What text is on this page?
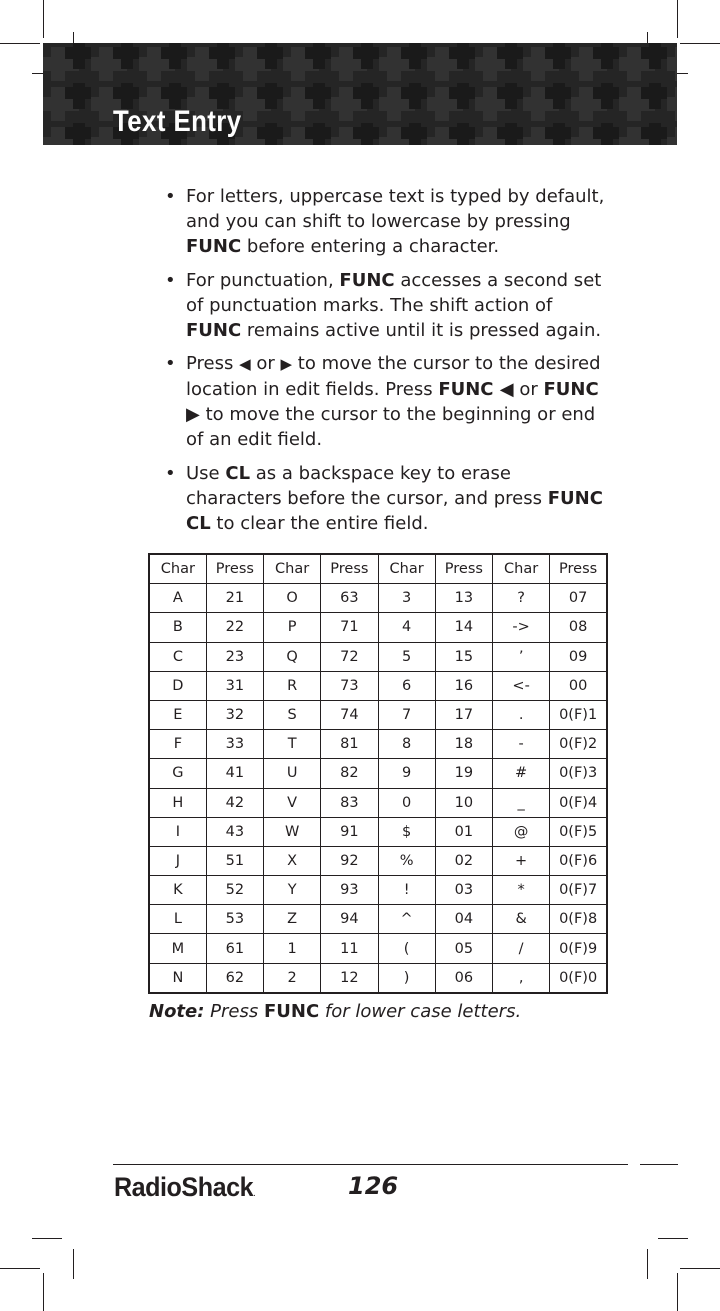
Text Entry
• For letters, uppercase text is typed by default, and you can shift to lowercase by pressing FUNC before entering a character.
• For punctuation, FUNC accesses a second set of punctuation marks. The shift action of FUNC remains active until it is pressed again.
• Press ◀ or ▶ to move the cursor to the desired location in edit fields. Press FUNC ◀ or FUNC ▶ to move the cursor to the beginning or end of an edit field.
• Use CL as a backspace key to erase characters before the cursor, and press FUNC CL to clear the entire field.
Char	Press	Char	Press	Char	Press	Char	Press
A	21	O	63	3	13	?	07
B	22	P	71	4	14	->	08
C	23	Q	72	5	15	’	09
D	31	R	73	6	16	<-	00
E	32	S	74	7	17	.	0(F)1
F	33	T	81	8	18	-	0(F)2
G	41	U	82	9	19	#	0(F)3
H	42	V	83	0	10	_	0(F)4
I	43	W	91	$	01	@	0(F)5
J	51	X	92	%	02	+	0(F)6
K	52	Y	93	!	03	*	0(F)7
L	53	Z	94	^	04	&	0(F)8
M	61	1	11	(	05	/	0(F)9
N	62	2	12	)	06	,	0(F)0
Note: Press FUNC for lower case letters.
RadioShack.	126
